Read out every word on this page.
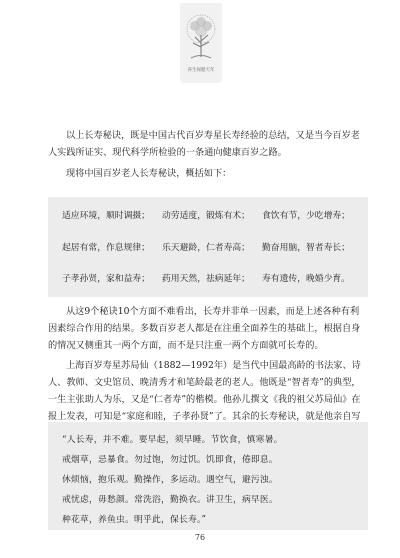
养生保健天年

以上长寿秘诀，既是中国古代百岁寿星长寿经验的总结，又是当今百岁老人实践所证实、现代科学所检验的一条通向健康百岁之路。

现将中国百岁老人长寿秘诀，概括如下：

适应环境，顺时调摄； 动劳适度，锻炼有术； 食饮有节，少吃增寿；
起居有常，作息规律； 乐天避龄，仁者寿高； 勤奋用脑，智者寿长；
子孝孙贤，家和益寿； 药用天然，祛病延年； 寿有遗传，晚婚少育。

从这9个秘诀10个方面不难看出，长寿并非单一因素，而是上述各种有利因素综合作用的结果。多数百岁老人都是在注重全面养生的基础上，根据自身的情况又侧重其一两个方面，而不是只注重一两个方面就可长寿的。

上海百岁寿星苏局仙（1882—1992年）是当代中国最高龄的书法家、诗人、教师、文史馆员、晚清秀才和笔龄最老的老人。他既是“智者寿”的典型，一生主张助人为乐，又是“仁者寿”的楷模。他孙儿撰文《我的祖父苏局仙》在报上发表，可知是“家庭和睦，子孝孙贤”了。其余的长寿秘诀，就是他亲自写

“人长寿，并不难。要早起，须早睡。节饮食，慎寒暑。
戒烟草，忌暴食。勿过饱，勿过饥。饥即食，倦即息。
休烦恼，抱乐观。勤操作，多运动。遇空气，避污浊。
戒忧虑，毋愁颜。常洗浴，勤换衣。讲卫生，病早医。
种花草，养鱼虫。明乎此，保长寿。”
76
